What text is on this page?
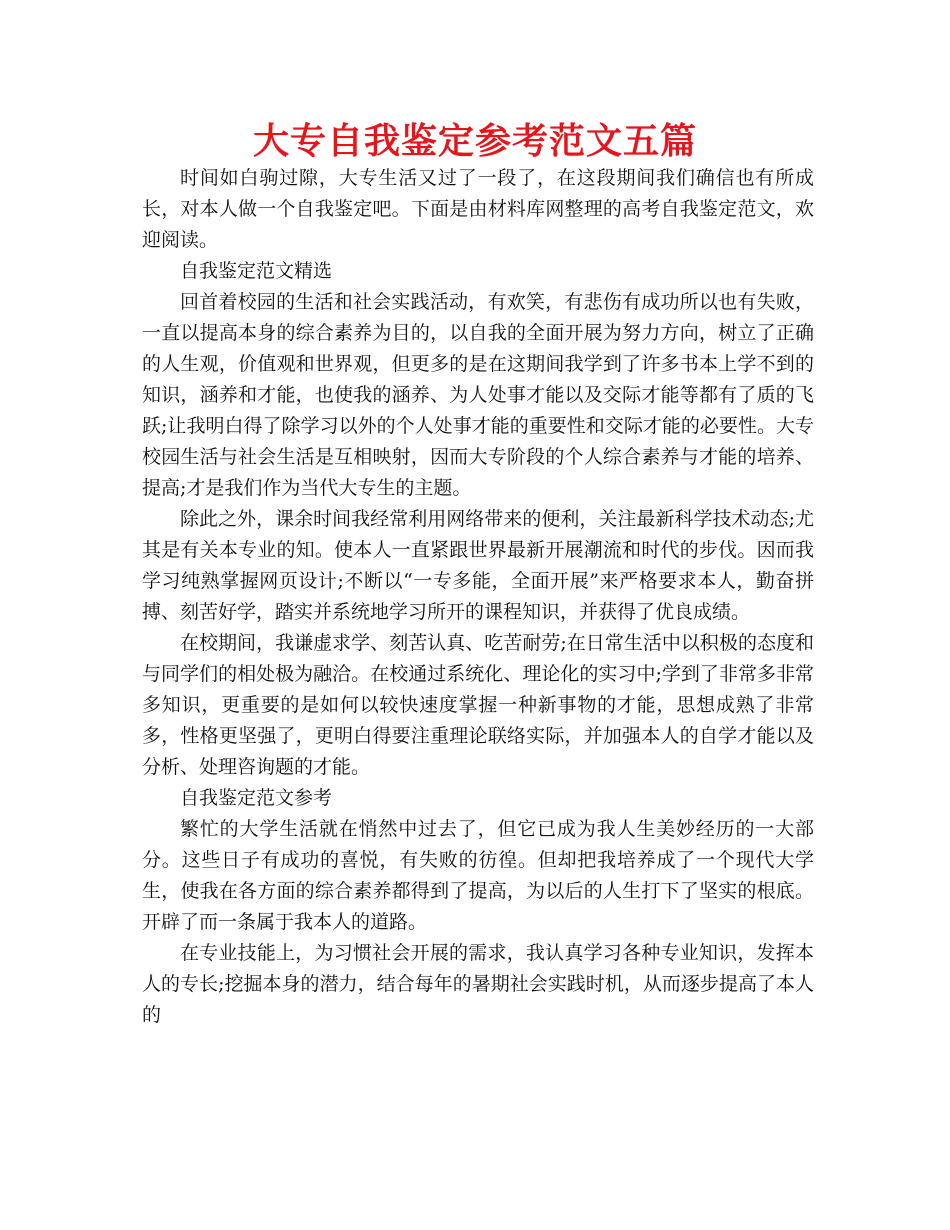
大专自我鉴定参考范文五篇

时间如白驹过隙，大专生活又过了一段了，在这段期间我们确信也有所成长，对本人做一个自我鉴定吧。下面是由材料库网整理的高考自我鉴定范文，欢迎阅读。

自我鉴定范文精选

回首着校园的生活和社会实践活动，有欢笑，有悲伤有成功所以也有失败，一直以提高本身的综合素养为目的，以自我的全面开展为努力方向，树立了正确的人生观，价值观和世界观，但更多的是在这期间我学到了许多书本上学不到的知识，涵养和才能，也使我的涵养、为人处事才能以及交际才能等都有了质的飞跃;让我明白得了除学习以外的个人处事才能的重要性和交际才能的必要性。大专校园生活与社会生活是互相映射，因而大专阶段的个人综合素养与才能的培养、提高;才是我们作为当代大专生的主题。

除此之外，课余时间我经常利用网络带来的便利，关注最新科学技术动态;尤其是有关本专业的知。使本人一直紧跟世界最新开展潮流和时代的步伐。因而我学习纯熟掌握网页设计;不断以“一专多能，全面开展”来严格要求本人，勤奋拼搏、刻苦好学，踏实并系统地学习所开的课程知识，并获得了优良成绩。

在校期间，我谦虚求学、刻苦认真、吃苦耐劳;在日常生活中以积极的态度和与同学们的相处极为融洽。在校通过系统化、理论化的实习中;学到了非常多非常多知识，更重要的是如何以较快速度掌握一种新事物的才能，思想成熟了非常多，性格更坚强了，更明白得要注重理论联络实际，并加强本人的自学才能以及分析、处理咨询题的才能。

自我鉴定范文参考

繁忙的大学生活就在悄然中过去了，但它已成为我人生美妙经历的一大部分。这些日子有成功的喜悦，有失败的彷徨。但却把我培养成了一个现代大学生，使我在各方面的综合素养都得到了提高，为以后的人生打下了坚实的根底。开辟了而一条属于我本人的道路。

在专业技能上，为习惯社会开展的需求，我认真学习各种专业知识，发挥本人的专长;挖掘本身的潜力，结合每年的暑期社会实践时机，从而逐步提高了本人的
